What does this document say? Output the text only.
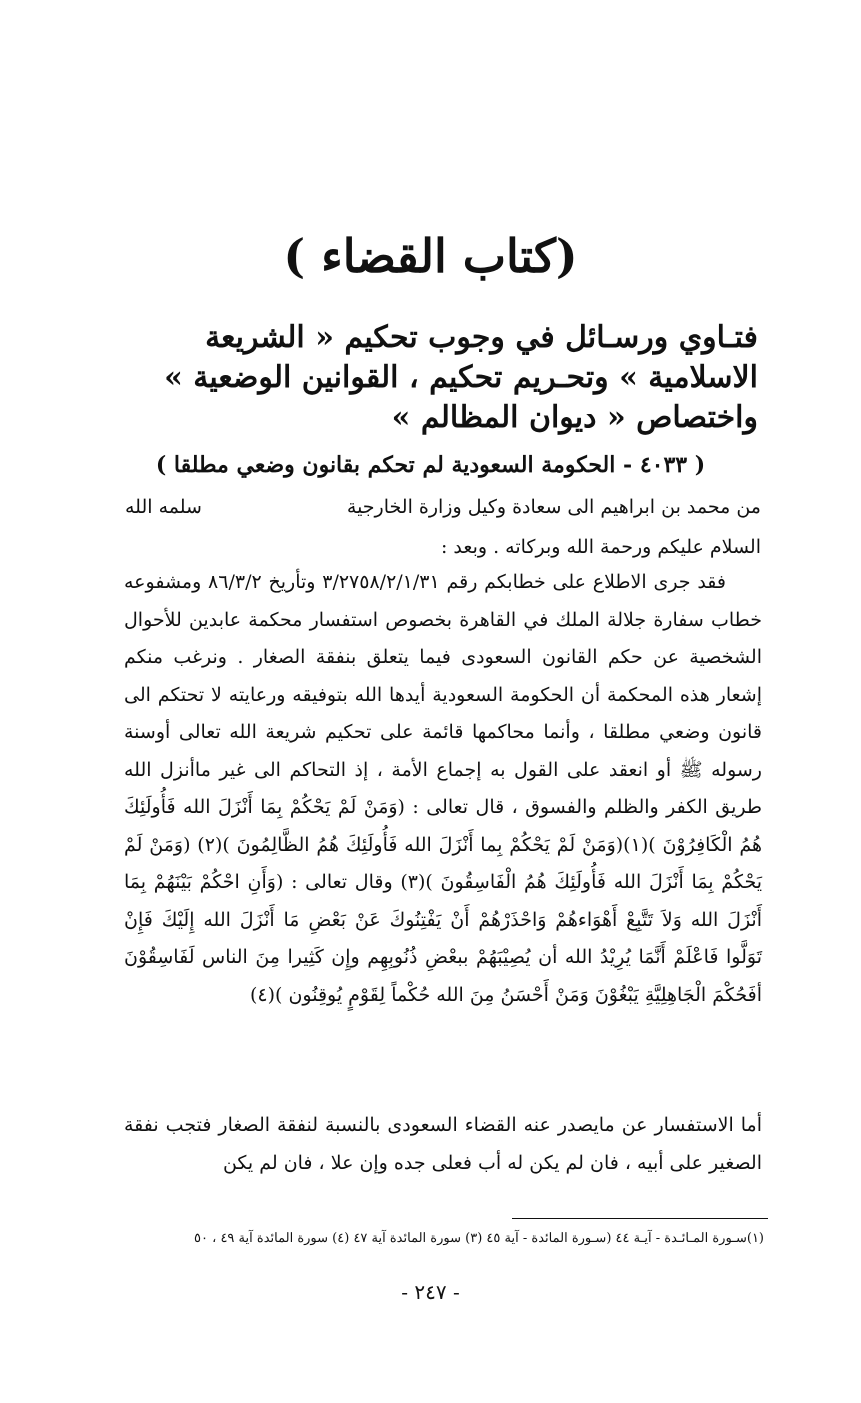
(كتاب القضاء )
فتـاوي ورسـائل في وجوب تحكيم « الشريعة الاسلامية » وتحـريم تحكيم ، القوانين الوضعية » واختصاص « ديوان المظالم »
( ٤٠٣٣ - الحكومة السعودية لم تحكم بقانون وضعي مطلقا )
من محمد بن ابراهيم الى سعادة وكيل وزارة الخارجية
سلمه الله
السلام عليكم ورحمة الله وبركاته . وبعد :

فقد جرى الاطلاع على خطابكم رقم ٣/٢٧٥٨/٢/١/٣١ وتأريخ ٨٦/٣/٢ ومشفوعه خطاب سفارة جلالة الملك في القاهرة بخصوص استفسار محكمة عابدين للأحوال الشخصية عن حكم القانون السعودى فيما يتعلق بنفقة الصغار . ونرغب منكم إشعار هذه المحكمة أن الحكومة السعودية أيدها الله بتوفيقه ورعايته لا تحتكم الى قانون وضعي مطلقا ، وأنما محاكمها قائمة على تحكيم شريعة الله تعالى أوسنة رسوله ﷺ أو انعقد على القول به إجماع الأمة ، إذ التحاكم الى غير ماأنزل الله طريق الكفر والظلم والفسوق ، قال تعالى : (وَمَنْ لَمْ يَحْكُمْ بِمَا أَنْزَلَ الله فَأُولَئِكَ هُمُ الْكَافِرُوْنَ )(١)(وَمَنْ لَمْ يَحْكُمْ بِما أَنْزَلَ الله فَأُولَئِكَ هُمُ الظَّالِمُونَ )(٢) (وَمَنْ لَمْ يَحْكُمْ بِمَا أَنْزَلَ الله فَأُولَئِكَ هُمُ الْفَاسِقُونَ )(٣) وقال تعالى : (وَأَنِ احْكُمْ بَيْنَهُمْ بِمَا أَنْزَلَ الله وَلاَ تَتَّبِعْ أَهْوَاءهُمْ وَاحْذَرْهُمْ أَنْ يَفْتِنُوكَ عَنْ بَعْضِ مَا أَنْزَلَ الله إِلَيْكَ فَإِنْ تَوَلَّوا فَاعْلَمْ أَنَّمَا يُرِيْدُ الله أن يُصِيْبَهُمْ ببعْضِ ذُنُوبِهِم وإِن كَثِيرا مِنَ الناس لَفَاسِقُوْنَ أفَحُكْمَ الْجَاهِلِيَّةِ يَبْغُوْنَ وَمَنْ أَحْسَنُ مِنَ الله حُكْماً لِقَوْمٍ يُوقِنُون )(٤)

أما الاستفسار عن مايصدر عنه القضاء السعودى بالنسبة لنفقة الصغار فتجب نفقة الصغير على أبيه ، فان لم يكن له أب فعلى جده وإن علا ، فان لم يكن

(١)سـورة المـائـدة - آيـة ٤٤ (سـورة المائدة - آية ٤٥ (٣) سورة المائدة آية ٤٧ (٤) سورة المائدة آية ٤٩ ، ٥٠
- ٢٤٧ -
